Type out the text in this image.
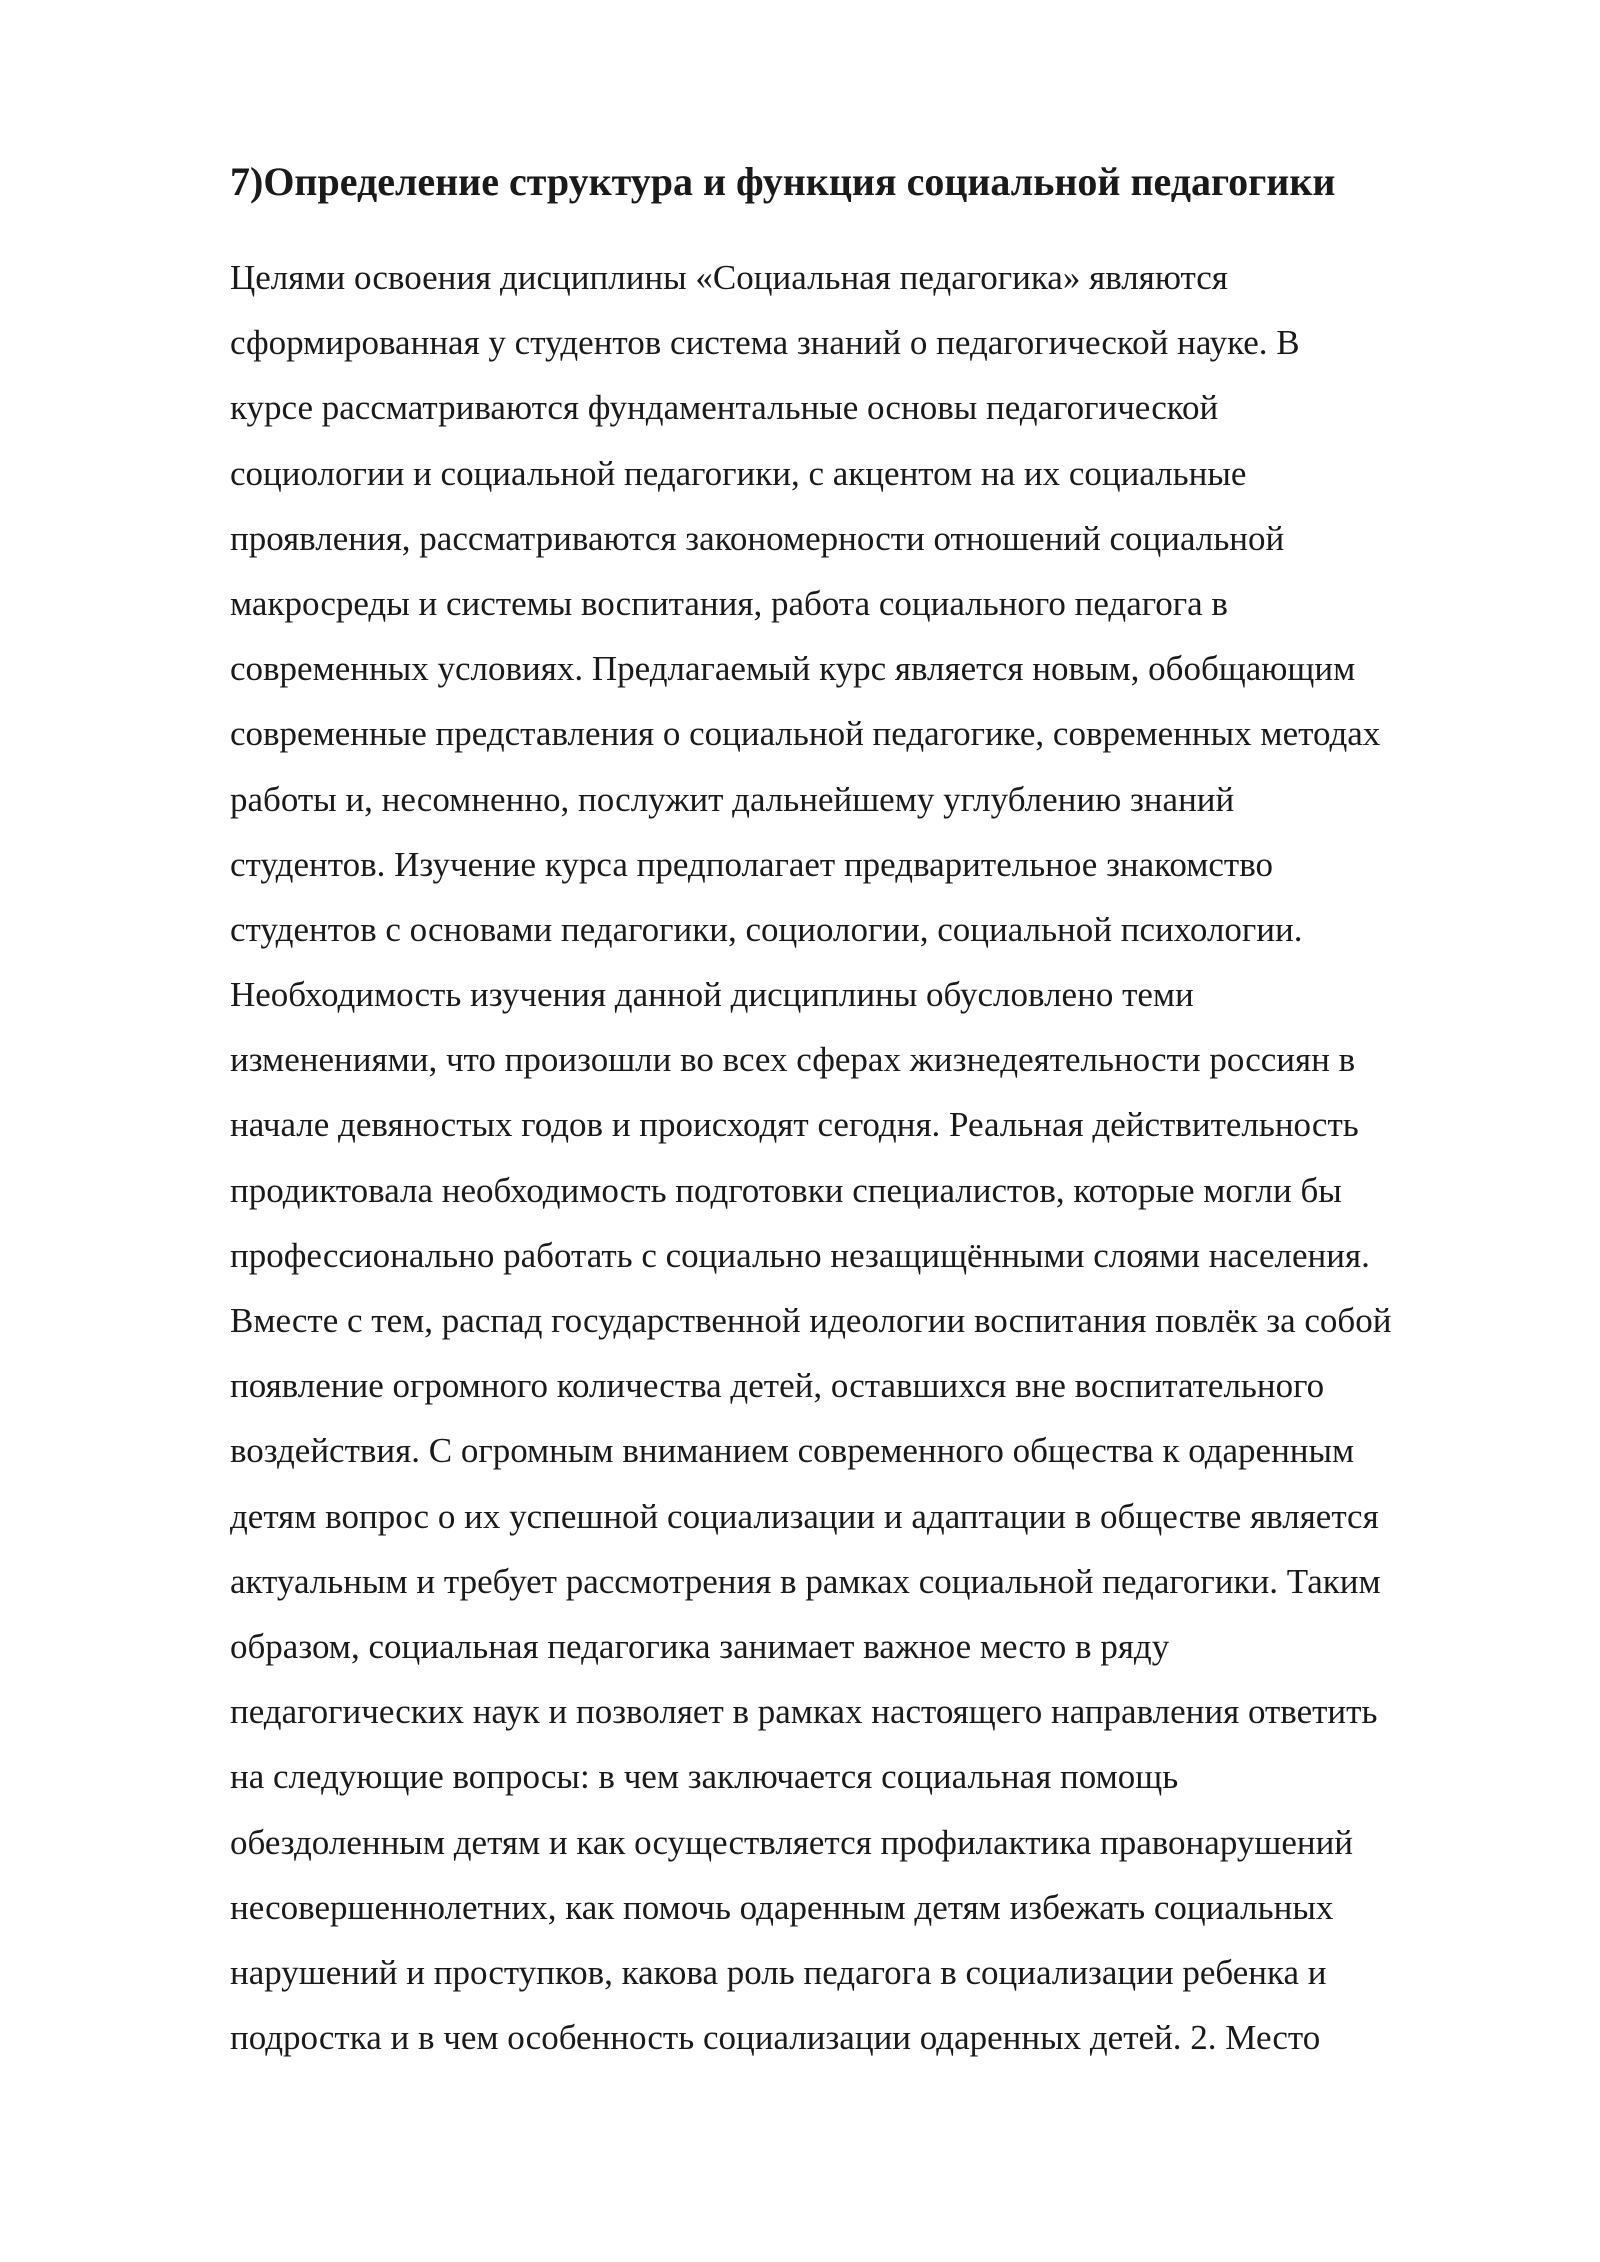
7)Определение структура и функция социальной педагогики
Целями освоения дисциплины «Социальная педагогика» являются
сформированная у студентов система знаний о педагогической науке. В
курсе рассматриваются фундаментальные основы педагогической
социологии и социальной педагогики, с акцентом на их социальные
проявления, рассматриваются закономерности отношений социальной
макросреды и системы воспитания, работа социального педагога в
современных условиях. Предлагаемый курс является новым, обобщающим
современные представления о социальной педагогике, современных методах
работы и, несомненно, послужит дальнейшему углублению знаний
студентов. Изучение курса предполагает предварительное знакомство
студентов с основами педагогики, социологии, социальной психологии.
Необходимость изучения данной дисциплины обусловлено теми
изменениями, что произошли во всех сферах жизнедеятельности россиян в
начале девяностых годов и происходят сегодня. Реальная действительность
продиктовала необходимость подготовки специалистов, которые могли бы
профессионально работать с социально незащищёнными слоями населения.
Вместе с тем, распад государственной идеологии воспитания повлёк за собой
появление огромного количества детей, оставшихся вне воспитательного
воздействия. С огромным вниманием современного общества к одаренным
детям вопрос о их успешной социализации и адаптации в обществе является
актуальным и требует рассмотрения в рамках социальной педагогики. Таким
образом, социальная педагогика занимает важное место в ряду
педагогических наук и позволяет в рамках настоящего направления ответить
на следующие вопросы: в чем заключается социальная помощь
обездоленным детям и как осуществляется профилактика правонарушений
несовершеннолетних, как помочь одаренным детям избежать социальных
нарушений и проступков, какова роль педагога в социализации ребенка и
подростка и в чем особенность социализации одаренных детей. 2. Место
